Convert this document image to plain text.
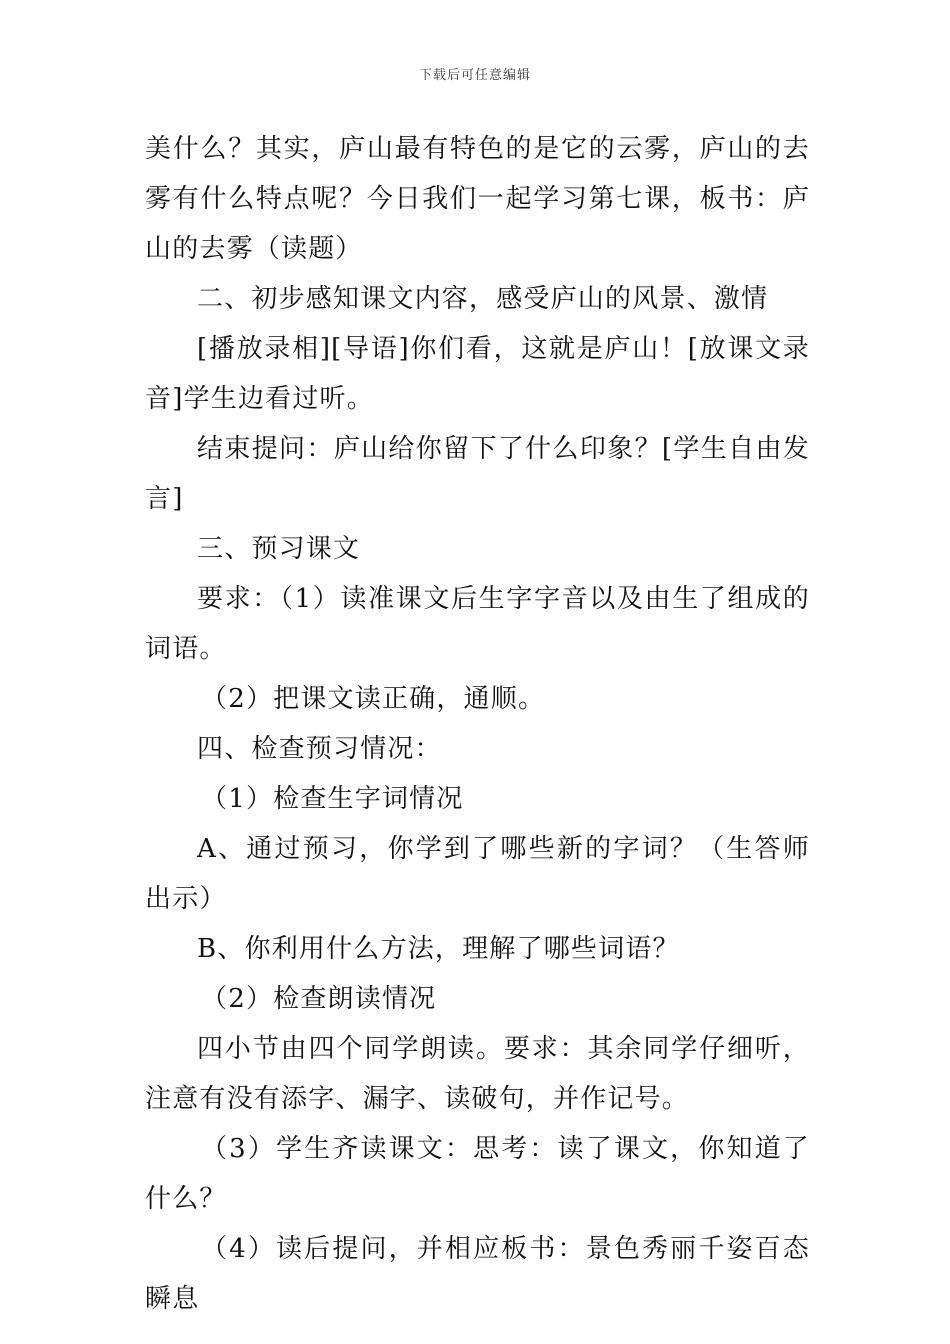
下载后可任意编辑

美什么？其实，庐山最有特色的是它的云雾，庐山的去雾有什么特点呢？今日我们一起学习第七课，板书：庐山的去雾（读题）

二、初步感知课文内容，感受庐山的风景、激情

[播放录相][导语]你们看，这就是庐山！[放课文录音]学生边看过听。

结束提问：庐山给你留下了什么印象？[学生自由发言]

三、预习课文

要求：（1）读准课文后生字字音以及由生了组成的词语。

（2）把课文读正确，通顺。

四、检查预习情况：

（1）检查生字词情况

A、通过预习，你学到了哪些新的字词？（生答师出示）

B、你利用什么方法，理解了哪些词语？

（2）检查朗读情况

四小节由四个同学朗读。要求：其余同学仔细听，注意有没有添字、漏字、读破句，并作记号。

（3）学生齐读课文：思考：读了课文，你知道了什么？

（4）读后提问，并相应板书：景色秀丽千姿百态瞬息
